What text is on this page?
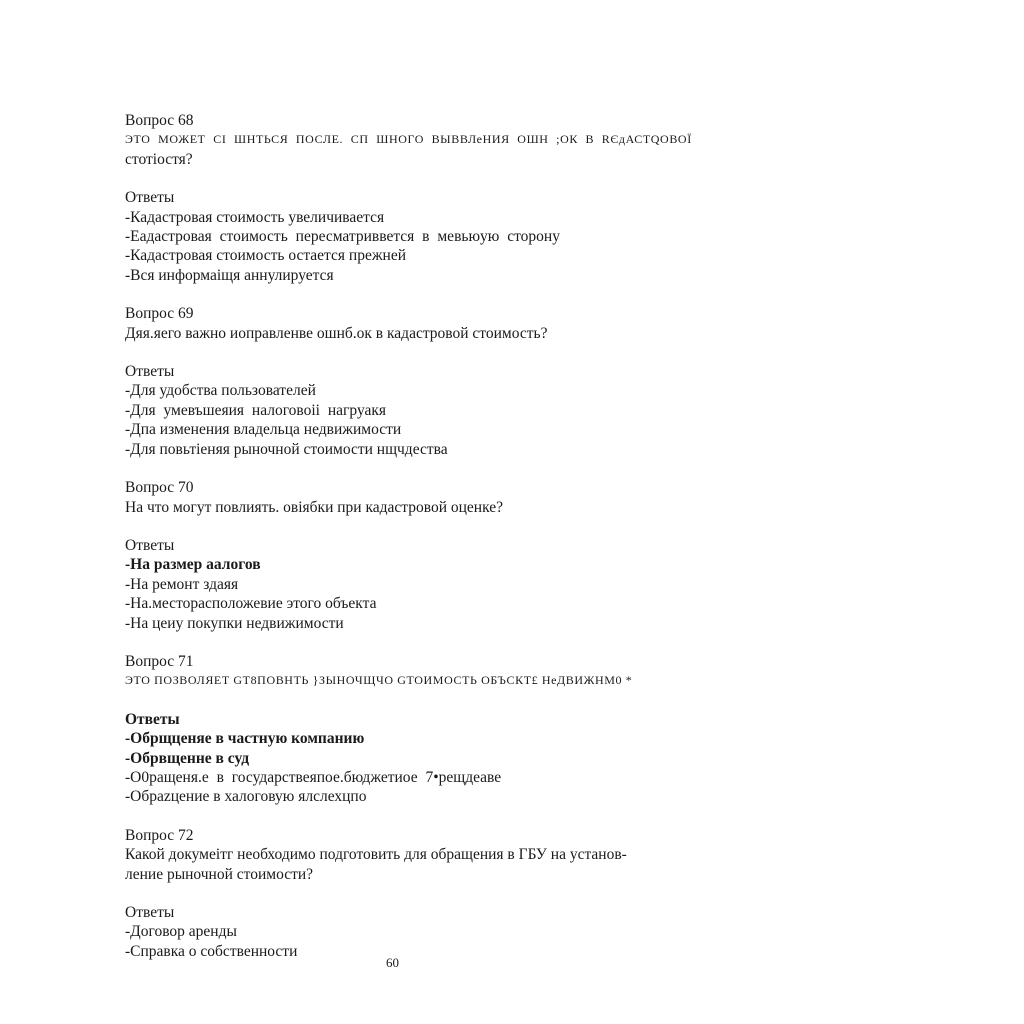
Вопрос 68
ЭТО МОЖЕТ СI ШНТЬСЯ ПОСЛЕ. СП ШНОГО ВЫВВЛеНИЯ ОШН ;ОК В RЄдАСТQОВОЇ
стотiостя?
Ответы
-Кадастровая стоимость увеличивается
-Еадастровая стоимость пересматриввется в мевьюую сторону
-Кадастровая стоимость остается прежней
-Вся информаiщя аннулируется
Вопрос 69
Дяя.яего важно иоправленве ошнб.ок в кадастровой стоимость?
Ответы
-Для удобства пользователей
-Для умевъшеяия налоговоiі нагруакя
-Дпа изменения владельца недвижимости
-Для повьтiеняя рыночной стоимости нщчдества
Вопрос 70
На что могут повлиять. овiябки при кадастровой оценке?
Ответы
-На размер аалогов
-На ремонт здаяя
-На.месторасположевие этого объекта
-На цеиу покупки недвижимости
Вопрос 71
ЭТО ПОЗВОЛЯЕТ GТ8ПОВНТЬ }ЗЫНОЧЩЧО GТОИМОСТЬ ОБЪСКТ£ НеДВИЖНМ0 *
Ответы
-Обрщценяе в частную компанию
-Обрвщенне в суд
-О0ращеня.е в государствеяпое.бюджетиое 7•рещдеаве
-Обраzцение в халоговую ялслехцпо
Вопрос 72
Какой докумеiтг необходимо подготовить для обращения в ГБУ на установ-
ление рыночной стоимости?
Ответы
-Договор аренды
-Справка о собственности
60
